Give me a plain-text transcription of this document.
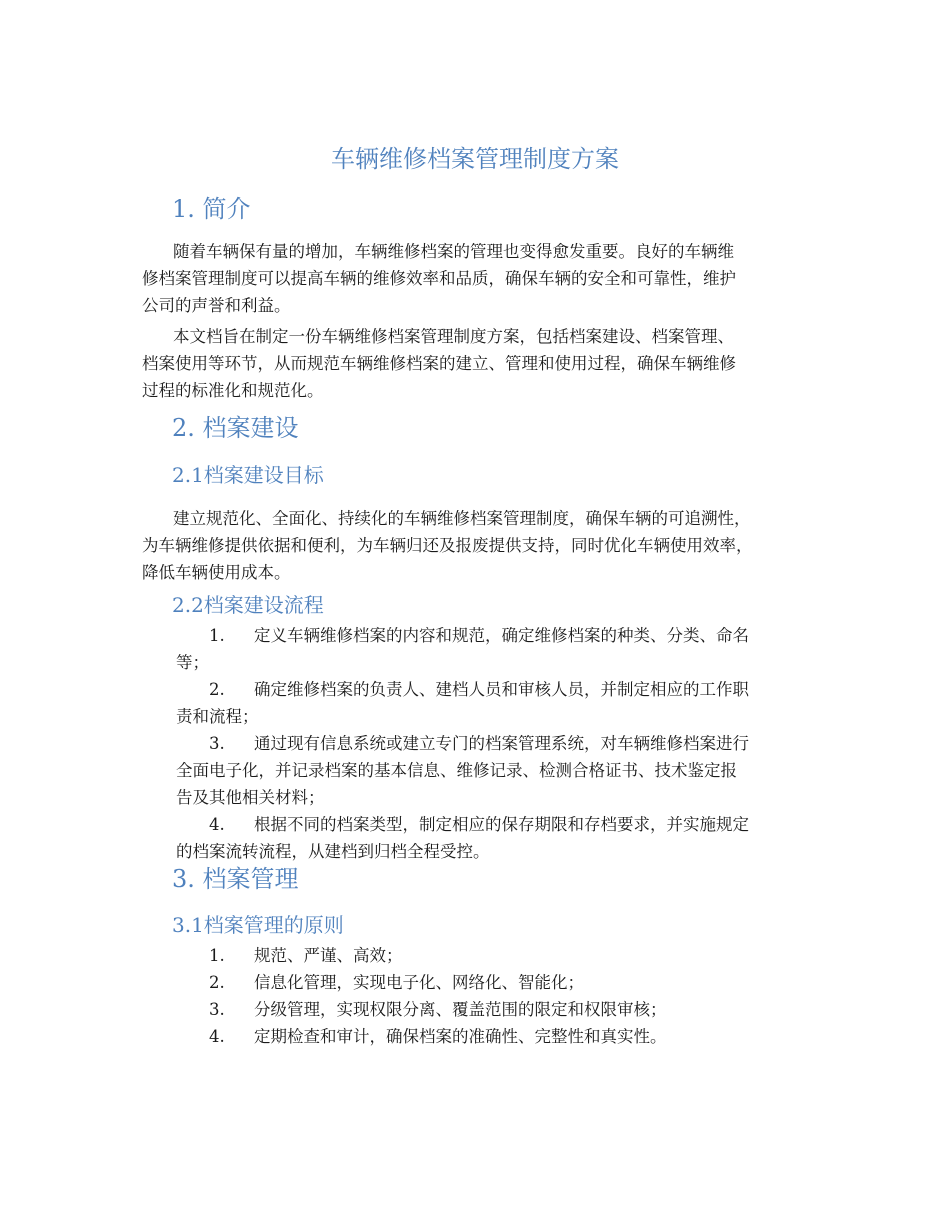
车辆维修档案管理制度方案
1. 简介
随着车辆保有量的增加，车辆维修档案的管理也变得愈发重要。良好的车辆维
修档案管理制度可以提高车辆的维修效率和品质，确保车辆的安全和可靠性，维护
公司的声誉和利益。
本文档旨在制定一份车辆维修档案管理制度方案，包括档案建设、档案管理、
档案使用等环节，从而规范车辆维修档案的建立、管理和使用过程，确保车辆维修
过程的标准化和规范化。
2. 档案建设
2.1档案建设目标
建立规范化、全面化、持续化的车辆维修档案管理制度，确保车辆的可追溯性，
为车辆维修提供依据和便利，为车辆归还及报废提供支持，同时优化车辆使用效率，
降低车辆使用成本。
2.2档案建设流程
1.	定义车辆维修档案的内容和规范，确定维修档案的种类、分类、命名
等；
2.	确定维修档案的负责人、建档人员和审核人员，并制定相应的工作职
责和流程；
3.	通过现有信息系统或建立专门的档案管理系统，对车辆维修档案进行
全面电子化，并记录档案的基本信息、维修记录、检测合格证书、技术鉴定报
告及其他相关材料；
4.	根据不同的档案类型，制定相应的保存期限和存档要求，并实施规定
的档案流转流程，从建档到归档全程受控。
3. 档案管理
3.1档案管理的原则
1. 规范、严谨、高效；
2. 信息化管理，实现电子化、网络化、智能化；
3. 分级管理，实现权限分离、覆盖范围的限定和权限审核；
4. 定期检查和审计，确保档案的准确性、完整性和真实性。
